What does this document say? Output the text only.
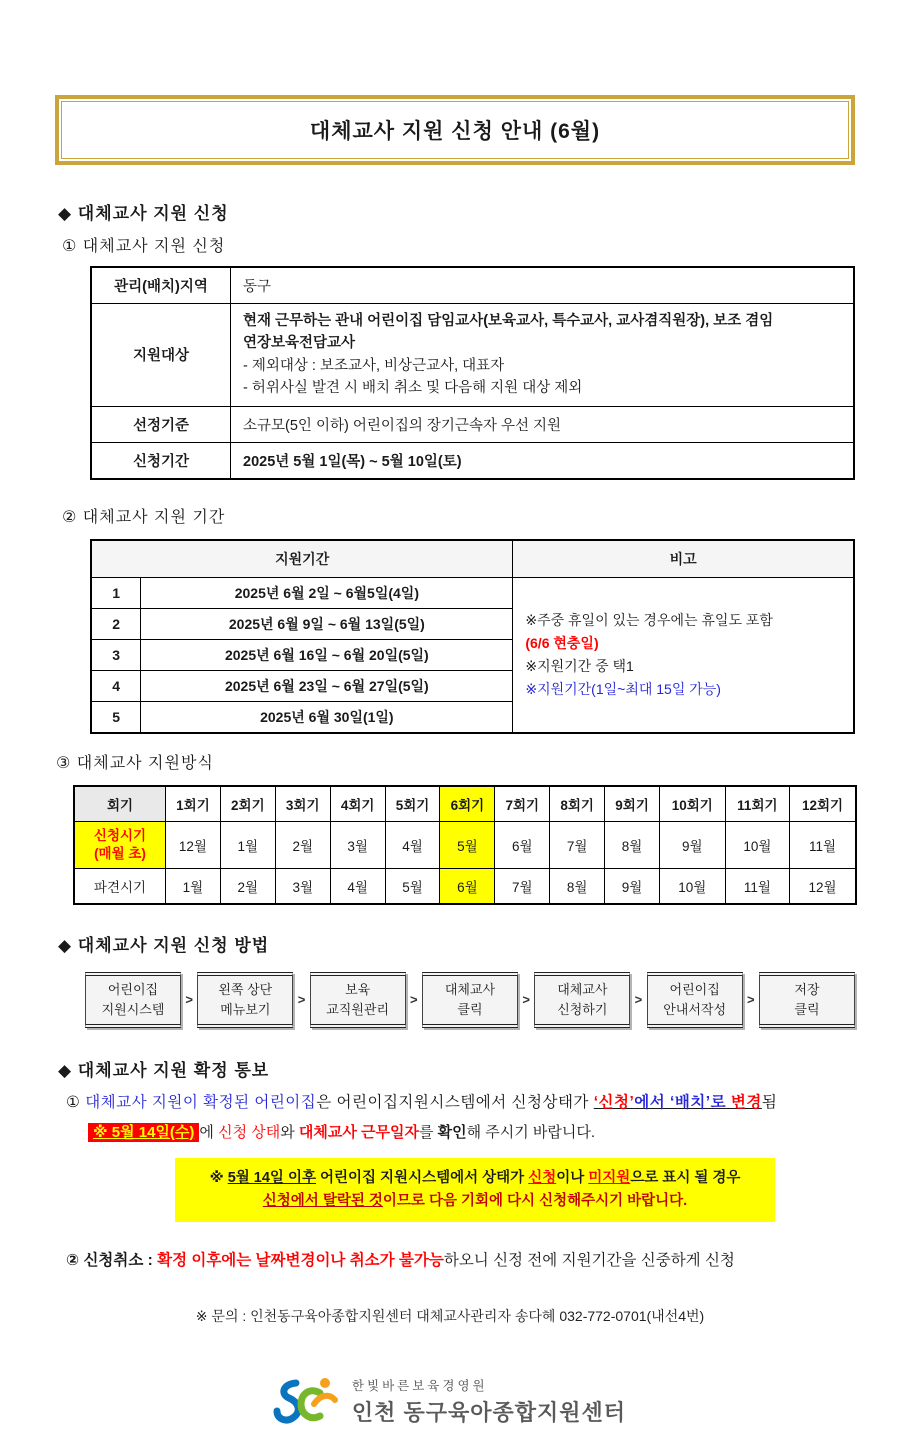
대체교사 지원 신청 안내 (6월)
◆ 대체교사 지원 신청
① 대체교사 지원 신청
관리(배치)지역	동구
지원대상	현재 근무하는 관내 어린이집 담임교사(보육교사, 특수교사, 교사겸직원장), 보조 겸임
연장보육전담교사
- 제외대상 : 보조교사, 비상근교사, 대표자
- 허위사실 발견 시 배치 취소 및 다음해 지원 대상 제외

선정기준	소규모(5인 이하) 어린이집의 장기근속자 우선 지원
신청기간	2025년 5월 1일(목) ~ 5월 10일(토)
② 대체교사 지원 기간
지원기간		비고
1	2025년 6월 2일 ~ 6월5일(4일)	※주중 휴일이 있는 경우에는 휴일도 포함
(6/6 현충일)
※지원기간 중 택1
※지원기간(1일~최대 15일 가능)

2	2025년 6월 9일 ~ 6월 13일(5일)	
3	2025년 6월 16일 ~ 6월 20일(5일)	
4	2025년 6월 23일 ~ 6월 27일(5일)	
5	2025년 6월 30일(1일)	
③ 대체교사 지원방식
회기	1회기	2회기	3회기	4회기	5회기	6회기	7회기	8회기	9회기	10회기	11회기	12회기

신청시기
(매월 초)	12월	1월	2월	3월	4월	5월	6월	7월	8월	9월	10월	11월
파견시기	1월	2월	3월	4월	5월	6월	7월	8월	9월	10월	11월	12월
◆ 대체교사 지원 신청 방법
어린이집
지원시스템
>
왼쪽 상단
메뉴보기
>
보육
교직원관리
>
대체교사
클릭
>
대체교사
신청하기
>
어린이집
안내서작성
>
저장
클릭
◆ 대체교사 지원 확정 통보
① 대체교사 지원이 확정된 어린이집은 어린이집지원시스템에서 신청상태가 ‘신청’에서 ‘배치’로 변경됨
※ 5월 14일(수) 에 신청 상태와 대체교사 근무일자를 확인해 주시기 바랍니다.
※ 5월 14일 이후 어린이집 지원시스템에서 상태가 신청이나 미지원으로 표시 될 경우
신청에서 탈락된 것이므로 다음 기회에 다시 신청해주시기 바랍니다.
② 신청취소 : 확정 이후에는 날짜변경이나 취소가 불가능하오니 신정 전에 지원기간을 신중하게 신청
※ 문의 : 인천동구육아종합지원센터 대체교사관리자 송다혜 032-772-0701(내선4번)
한빛바른보육경영원
인천 동구육아종합지원센터
